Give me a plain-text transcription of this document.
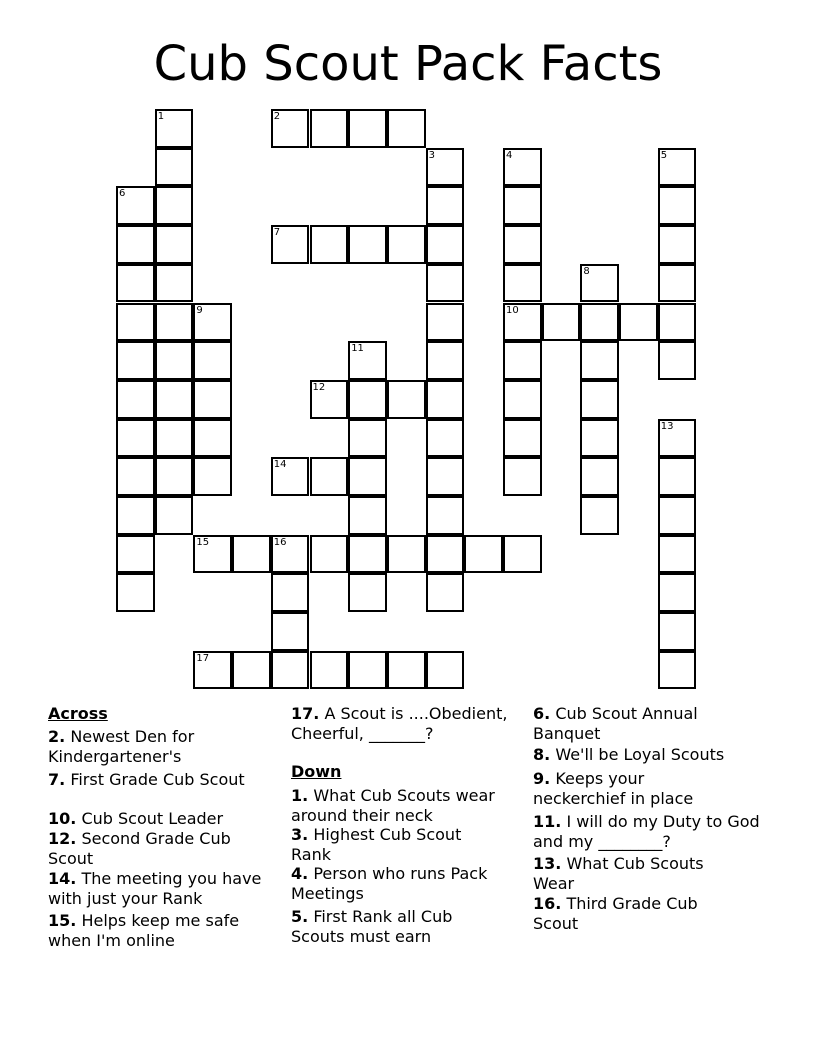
Cub Scout Pack Facts
1
6
9
2
7
3	4
10
5
8
11
12
14
15	16
17
13
Across
2. Newest Den for Kindergartener's
7. First Grade Cub Scout
10. Cub Scout Leader
12. Second Grade Cub Scout
14. The meeting you have with just your Rank
15. Helps keep me safe when I'm online
17. A Scout is ....Obedient, Cheerful, _______?
Down
1. What Cub Scouts wear around their neck
3. Highest Cub Scout Rank
4. Person who runs Pack Meetings
5. First Rank all Cub Scouts must earn
6. Cub Scout Annual Banquet
8. We'll be Loyal Scouts
9. Keeps your neckerchief in place
11. I will do my Duty to God and my ________?
13. What Cub Scouts Wear
16. Third Grade Cub Scout
